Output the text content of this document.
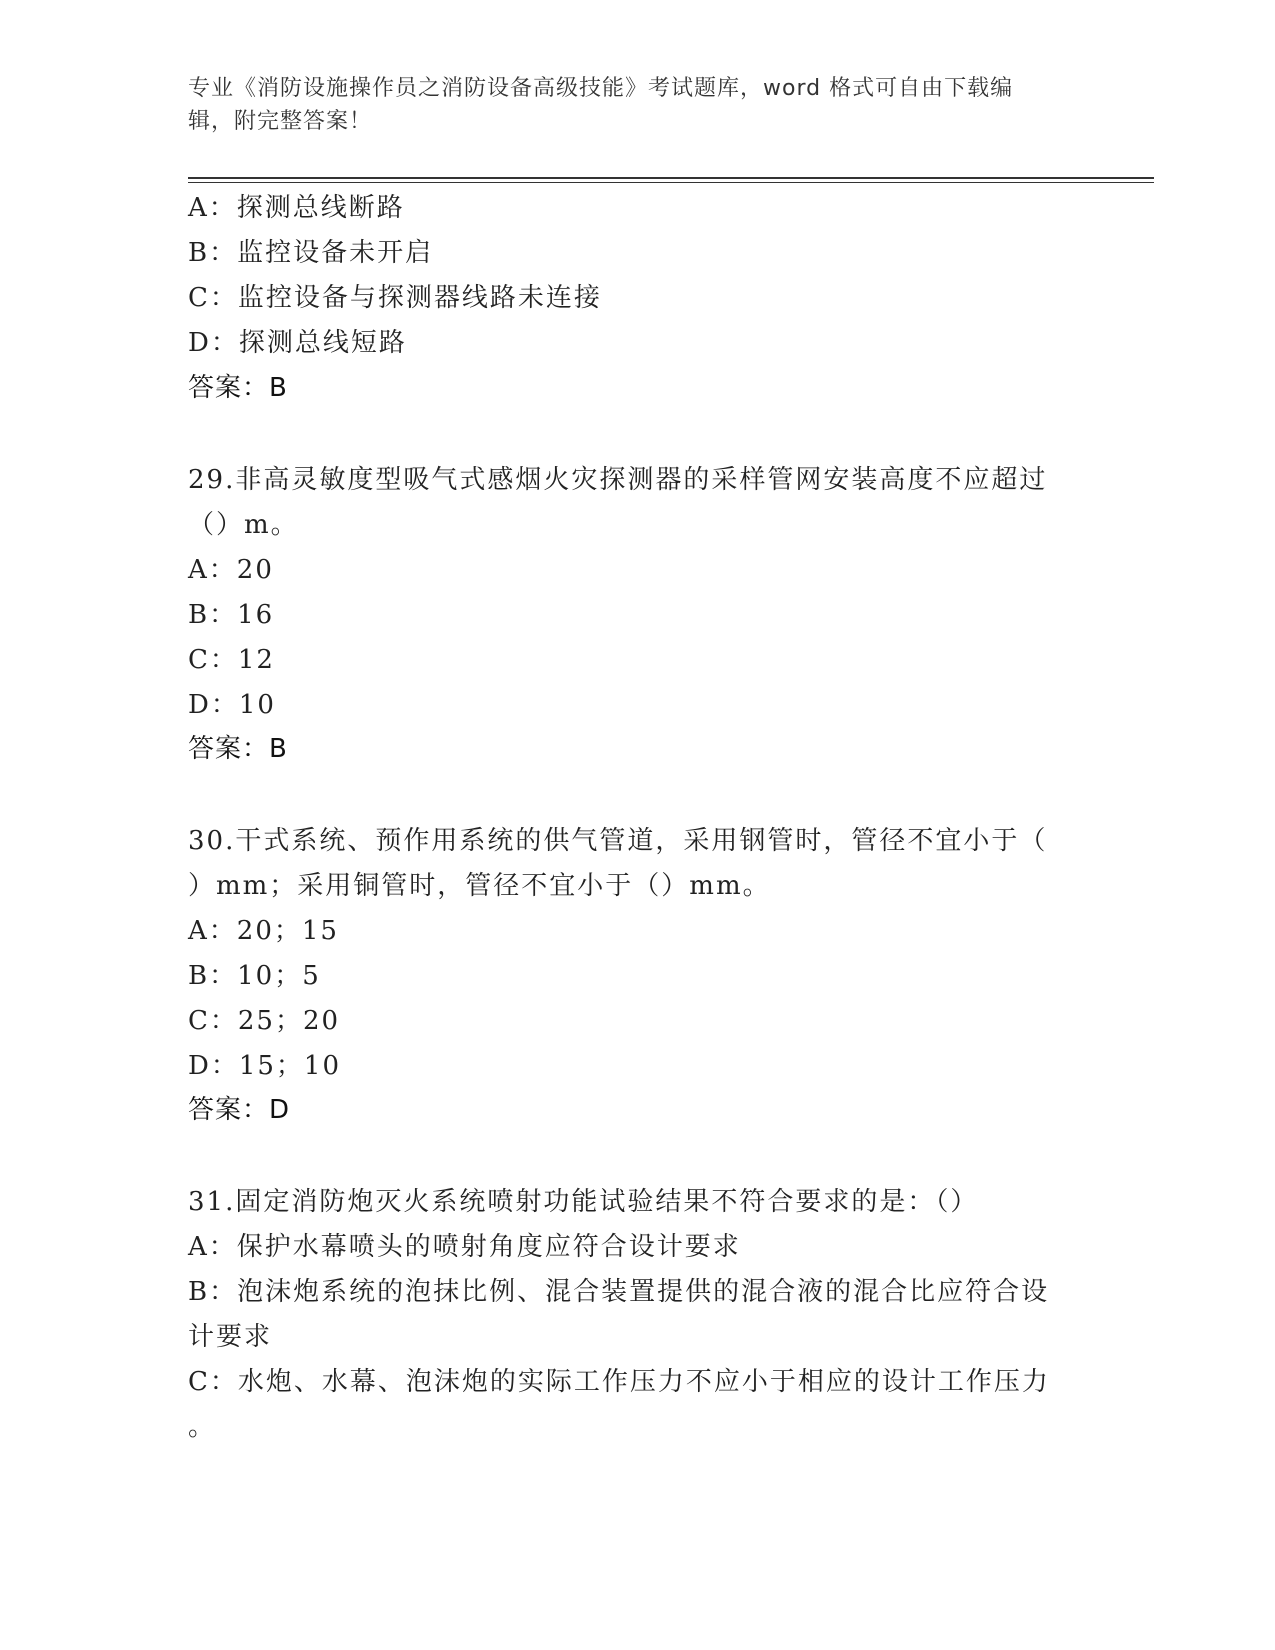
专业《消防设施操作员之消防设备高级技能》考试题库，word 格式可自由下载编
辑，附完整答案！
A：探测总线断路
B：监控设备未开启
C：监控设备与探测器线路未连接
D：探测总线短路
答案：B
29.非高灵敏度型吸气式感烟火灾探测器的采样管网安装高度不应超过
（）m。
A：20
B：16
C：12
D：10
答案：B
30.干式系统、预作用系统的供气管道，采用钢管时，管径不宜小于（
）mm；采用铜管时，管径不宜小于（）mm。
A：20；15
B：10；5
C：25；20
D：15；10
答案：D
31.固定消防炮灭火系统喷射功能试验结果不符合要求的是：（）
A：保护水幕喷头的喷射角度应符合设计要求
B：泡沫炮系统的泡抹比例、混合装置提供的混合液的混合比应符合设
计要求
C：水炮、水幕、泡沫炮的实际工作压力不应小于相应的设计工作压力
。
